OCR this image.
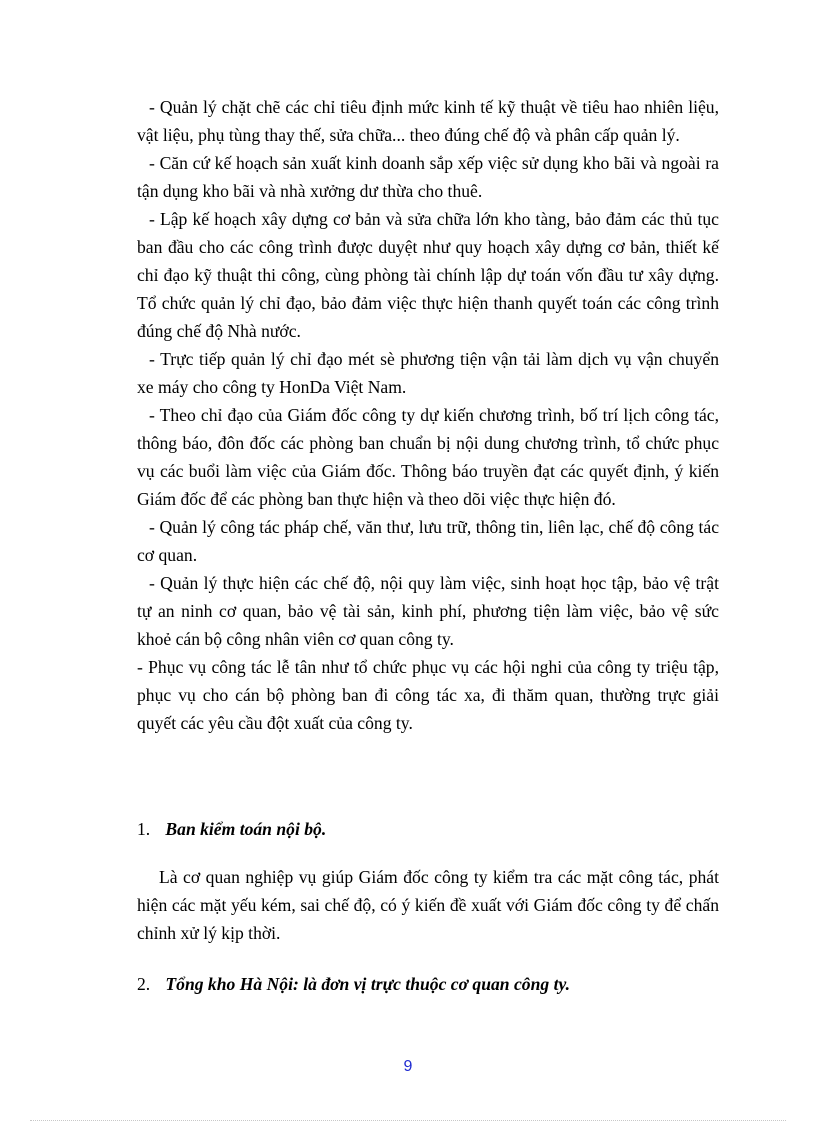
- Quản lý chặt chẽ các chỉ tiêu định mức kinh tế kỹ thuật về tiêu hao nhiên liệu, vật liệu, phụ tùng thay thế, sửa chữa... theo đúng chế độ và phân cấp quản lý.

- Căn cứ kế hoạch sản xuất kinh doanh sắp xếp việc sử dụng kho bãi và ngoài ra tận dụng kho bãi và nhà xưởng dư thừa cho thuê.

- Lập kế hoạch xây dựng cơ bản và sửa chữa lớn kho tàng, bảo đảm các thủ tục ban đầu cho các công trình được duyệt như quy hoạch xây dựng cơ bản, thiết kế chỉ đạo kỹ thuật thi công, cùng phòng tài chính lập dự toán vốn đầu tư xây dựng. Tổ chức quản lý chỉ đạo, bảo đảm việc thực hiện thanh quyết toán các công trình đúng chế độ Nhà nước.

- Trực tiếp quản lý chỉ đạo mét sè phương tiện vận tải làm dịch vụ vận chuyển xe máy cho công ty HonDa Việt Nam.

- Theo chỉ đạo của Giám đốc công ty dự kiến chương trình, bố trí lịch công tác, thông báo, đôn đốc các phòng ban chuẩn bị nội dung chương trình, tổ chức phục vụ các buổi làm việc của Giám đốc. Thông báo truyền đạt các quyết định, ý kiến Giám đốc để các phòng ban thực hiện và theo dõi việc thực hiện đó.

- Quản lý công tác pháp chế, văn thư, lưu trữ, thông tin, liên lạc, chế độ công tác cơ quan.

- Quản lý thực hiện các chế độ, nội quy làm việc, sinh hoạt học tập, bảo vệ trật tự an ninh cơ quan, bảo vệ tài sản, kinh phí, phương tiện làm việc, bảo vệ sức khoẻ cán bộ công nhân viên cơ quan công ty.

- Phục vụ công tác lễ tân như tổ chức phục vụ các hội nghi của công ty triệu tập, phục vụ cho cán bộ phòng ban đi công tác xa, đi thăm quan, thường trực giải quyết các yêu cầu đột xuất của công ty.

1. Ban kiểm toán nội bộ.

Là cơ quan nghiệp vụ giúp Giám đốc công ty kiểm tra các mặt công tác, phát hiện các mặt yếu kém, sai chế độ, có ý kiến đề xuất với Giám đốc công ty để chấn chỉnh xử lý kịp thời.

2. Tổng kho Hà Nội: là đơn vị trực thuộc cơ quan công ty.
9
